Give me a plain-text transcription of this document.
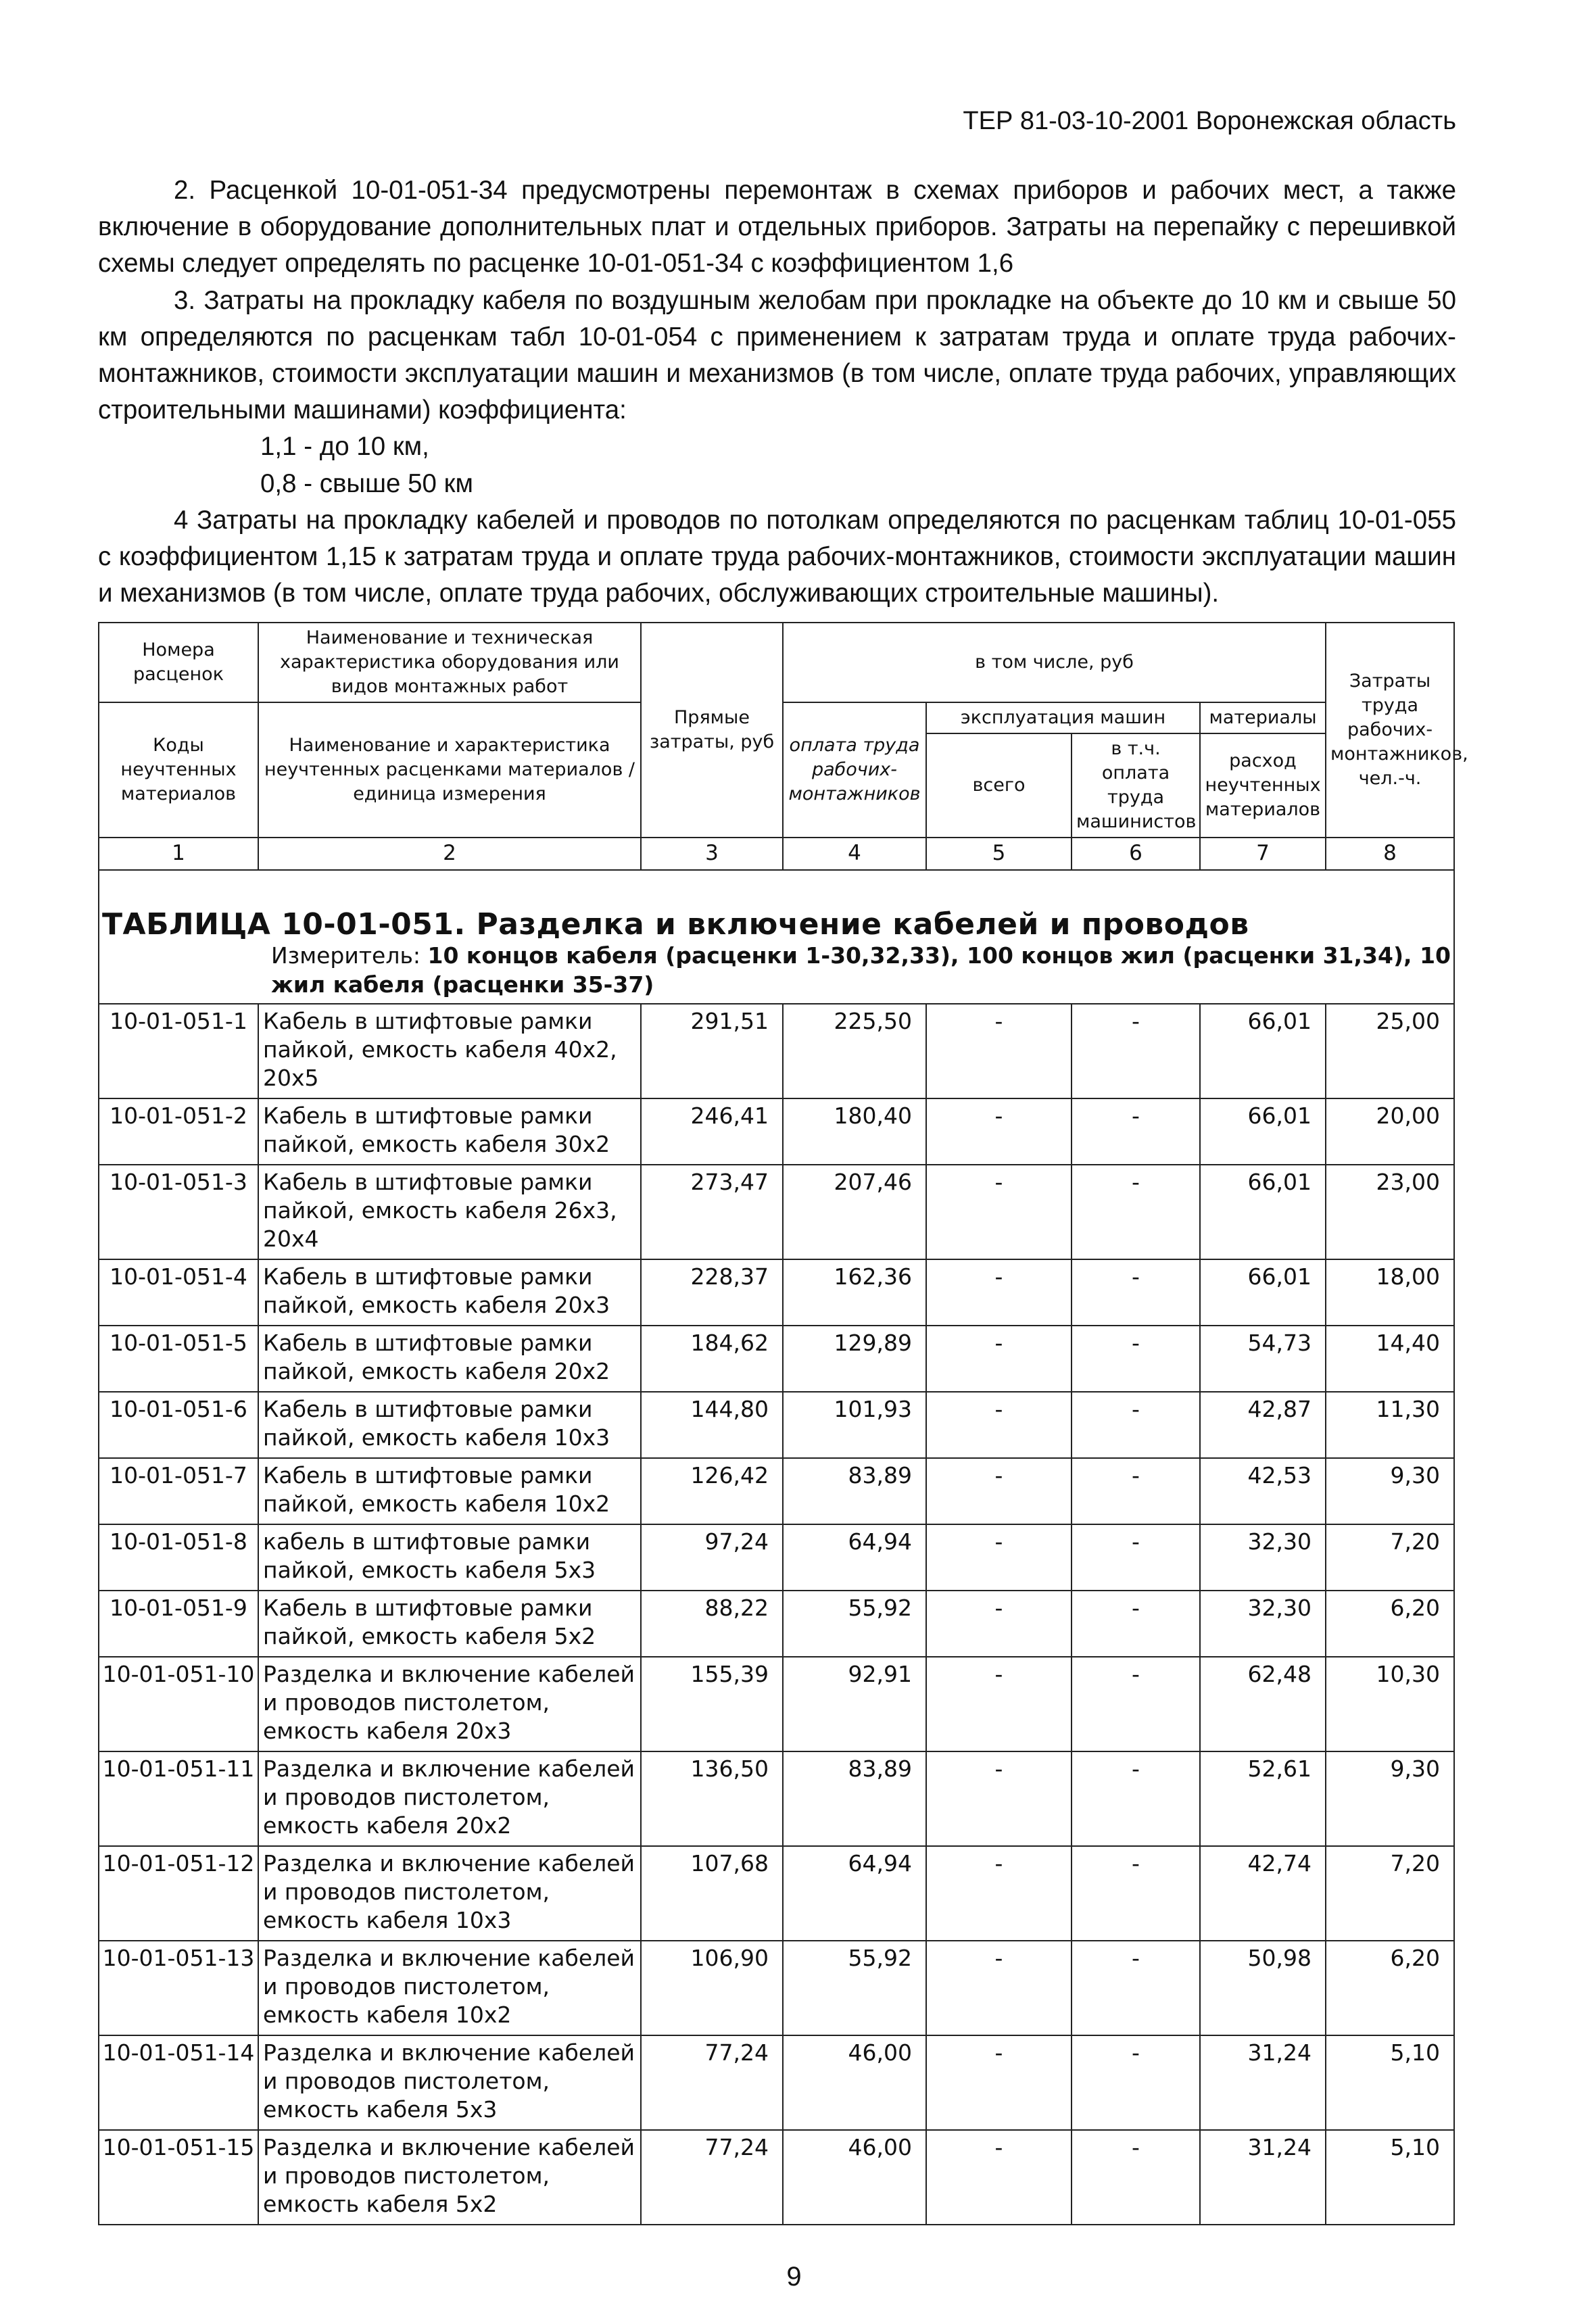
ТЕР 81-03-10-2001 Воронежская область

2. Расценкой 10-01-051-34 предусмотрены перемонтаж в схемах приборов и рабочих мест, а также включение в оборудование дополнительных плат и отдельных приборов. Затраты на перепайку с перешивкой схемы следует определять по расценке 10-01-051-34 с коэффициентом 1,6

3. Затраты на прокладку кабеля по воздушным желобам при прокладке на объекте до 10 км и свыше 50 км определяются по расценкам табл 10-01-054 с применением к затратам труда и оплате труда рабочих-монтажников, стоимости эксплуатации машин и механизмов (в том числе, оплате труда рабочих, управляющих строительными машинами) коэффициента:

1,1 - до 10 км,

0,8 - свыше 50 км

4 Затраты на прокладку кабелей и проводов по потолкам определяются по расценкам таблиц 10-01-055 с коэффициентом 1,15 к затратам труда и оплате труда рабочих-монтажников, стоимости эксплуатации машин и механизмов (в том числе, оплате труда рабочих, обслуживающих строительные машины).

Номера расценок	Наименование и техническая характеристика оборудования или видов монтажных работ	Прямые затраты, руб	в том числе, руб				Затраты труда рабочих-монтажников, чел.-ч.
Коды неучтенных материалов	Наименование и характеристика неучтенных расценками материалов / единица измерения		оплата труда рабочих-монтажников	эксплуатация машин		материалы	
				всего	в т.ч. оплата труда машинистов	расход неучтенных материалов	
1	2	3	4	5	6	7	8

ТАБЛИЦА 10-01-051. Разделка и включение кабелей и проводов
Измеритель: 10 концов кабеля (расценки 1-30,32,33), 100 концов жил (расценки 31,34), 10 жил кабеля (расценки 35-37)							

10-01-051-1	Кабель в штифтовые рамки пайкой, емкость кабеля 40х2, 20х5	291,51	225,50	-	-	66,01	25,00
10-01-051-2	Кабель в штифтовые рамки пайкой, емкость кабеля 30х2	246,41	180,40	-	-	66,01	20,00
10-01-051-3	Кабель в штифтовые рамки пайкой, емкость кабеля 26х3, 20х4	273,47	207,46	-	-	66,01	23,00
10-01-051-4	Кабель в штифтовые рамки пайкой, емкость кабеля 20х3	228,37	162,36	-	-	66,01	18,00
10-01-051-5	Кабель в штифтовые рамки пайкой, емкость кабеля 20х2	184,62	129,89	-	-	54,73	14,40
10-01-051-6	Кабель в штифтовые рамки пайкой, емкость кабеля 10х3	144,80	101,93	-	-	42,87	11,30
10-01-051-7	Кабель в штифтовые рамки пайкой, емкость кабеля 10х2	126,42	83,89	-	-	42,53	9,30
10-01-051-8	кабель в штифтовые рамки пайкой, емкость кабеля 5х3	97,24	64,94	-	-	32,30	7,20
10-01-051-9	Кабель в штифтовые рамки пайкой, емкость кабеля 5х2	88,22	55,92	-	-	32,30	6,20
10-01-051-10	Разделка и включение кабелей и проводов пистолетом, емкость кабеля 20х3	155,39	92,91	-	-	62,48	10,30
10-01-051-11	Разделка и включение кабелей и проводов пистолетом, емкость кабеля 20х2	136,50	83,89	-	-	52,61	9,30
10-01-051-12	Разделка и включение кабелей и проводов пистолетом, емкость кабеля 10х3	107,68	64,94	-	-	42,74	7,20
10-01-051-13	Разделка и включение кабелей и проводов пистолетом, емкость кабеля 10х2	106,90	55,92	-	-	50,98	6,20
10-01-051-14	Разделка и включение кабелей и проводов пистолетом, емкость кабеля 5х3	77,24	46,00	-	-	31,24	5,10
10-01-051-15	Разделка и включение кабелей и проводов пистолетом, емкость кабеля 5х2	77,24	46,00	-	-	31,24	5,10
9
